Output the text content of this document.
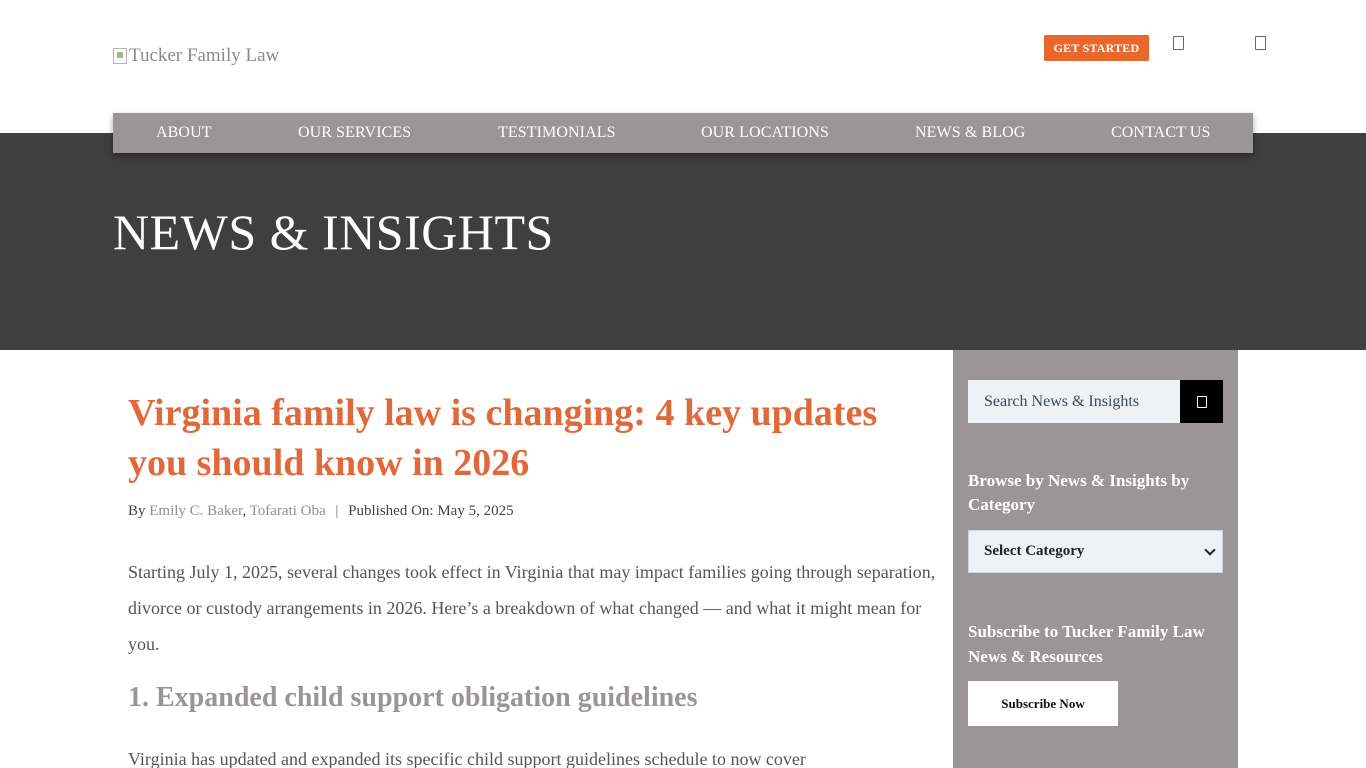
Tucker Family Law	GET STARTED
ABOUT	OUR SERVICES	TESTIMONIALS	OUR LOCATIONS	NEWS & BLOG	CONTACT US
NEWS & INSIGHTS
Virginia family law is changing: 4 key updates you should know in 2026
By Emily C. Baker, Tofarati Oba | Published On: May 5, 2025

Starting July 1, 2025, several changes took effect in Virginia that may impact families going through separation, divorce or custody arrangements in 2026. Here’s a breakdown of what changed — and what it might mean for you.

1. Expanded child support obligation guidelines

Virginia has updated and expanded its specific child support guidelines schedule to now cover

Search News & Insights
Browse by News & Insights by Category
Select Category
Subscribe to Tucker Family Law News & Resources
Subscribe Now
